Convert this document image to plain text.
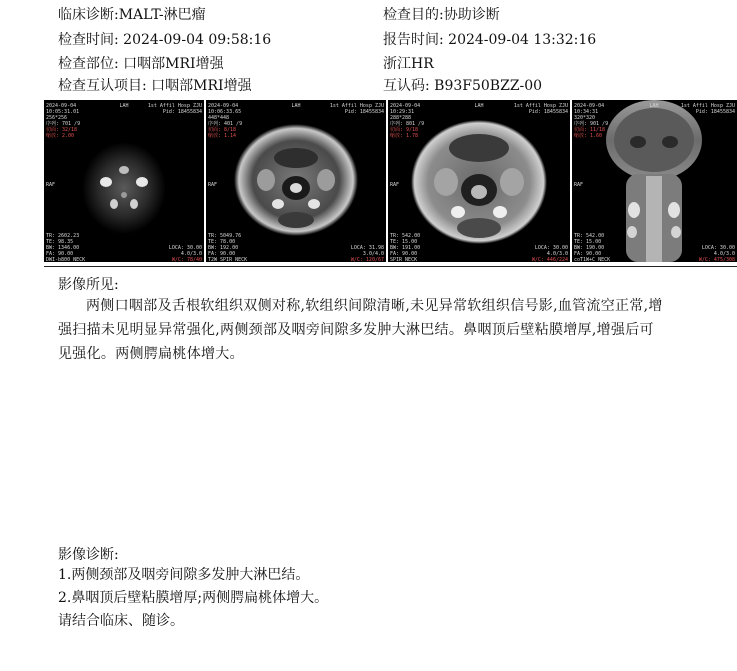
临床诊断:MALT-淋巴瘤	检查目的:协助诊断
检查时间: 2024-09-04 09:58:16	报告时间: 2024-09-04 13:32:16
检查部位: 口咽部MRI增强	浙江HR
检查互认项目: 口咽部MRI增强	互认码: B93F50BZZ-00
2024-09-04
10:05:31.01
256*256
序列: 701 /9
切面: 32/18
缩放: 2.00
LAH	1st Affil Hosp ZJU
Pid: 18455834
RAF
TR: 2602.23
TE: 98.35
BW: 1346.00
FA: 90.00
DWI-b800 NECK
LOCA: 30.00
4.0/3.0
W/C: 78/40
2024-09-04
10:06:33.65
448*448
序列: 401 /9
切面: 8/18
缩放: 1.14
LAH	1st Affil Hosp ZJU
Pid: 18455834
RAF
TR: 5049.76
TE: 78.00
BW: 192.00
FA: 90.00
T2W_SPIR NECK
LOCA: 31.98
3.0/4.0
W/C: 120/67
2024-09-04
10:29:31
288*288
序列: 801 /9
切面: 9/18
缩放: 1.78
LAH	1st Affil Hosp ZJU
Pid: 18455834
RAF
TR: 542.00
TE: 15.00
BW: 191.00
FA: 90.00
SPIR NECK
LOCA: 30.00
4.0/3.0
W/C: 446/224
2024-09-04
10:34:31
320*320
序列: 901 /9
切面: 11/18
缩放: 1.60
LAH	1st Affil Hosp ZJU
Pid: 18455834
RAF
TR: 542.00
TE: 15.00
BW: 190.00
FA: 90.00
coT1W+C NECK
LOCA: 30.00
4.0/3.0
W/C: 475/308
影像所见:
两侧口咽部及舌根软组织双侧对称,软组织间隙清晰,未见异常软组织信号影,血管流空正常,增强扫描未见明显异常强化,两侧颈部及咽旁间隙多发肿大淋巴结。鼻咽顶后壁粘膜增厚,增强后可见强化。两侧腭扁桃体增大。
影像诊断:
1.两侧颈部及咽旁间隙多发肿大淋巴结。
2.鼻咽顶后壁粘膜增厚;两侧腭扁桃体增大。
请结合临床、随诊。
